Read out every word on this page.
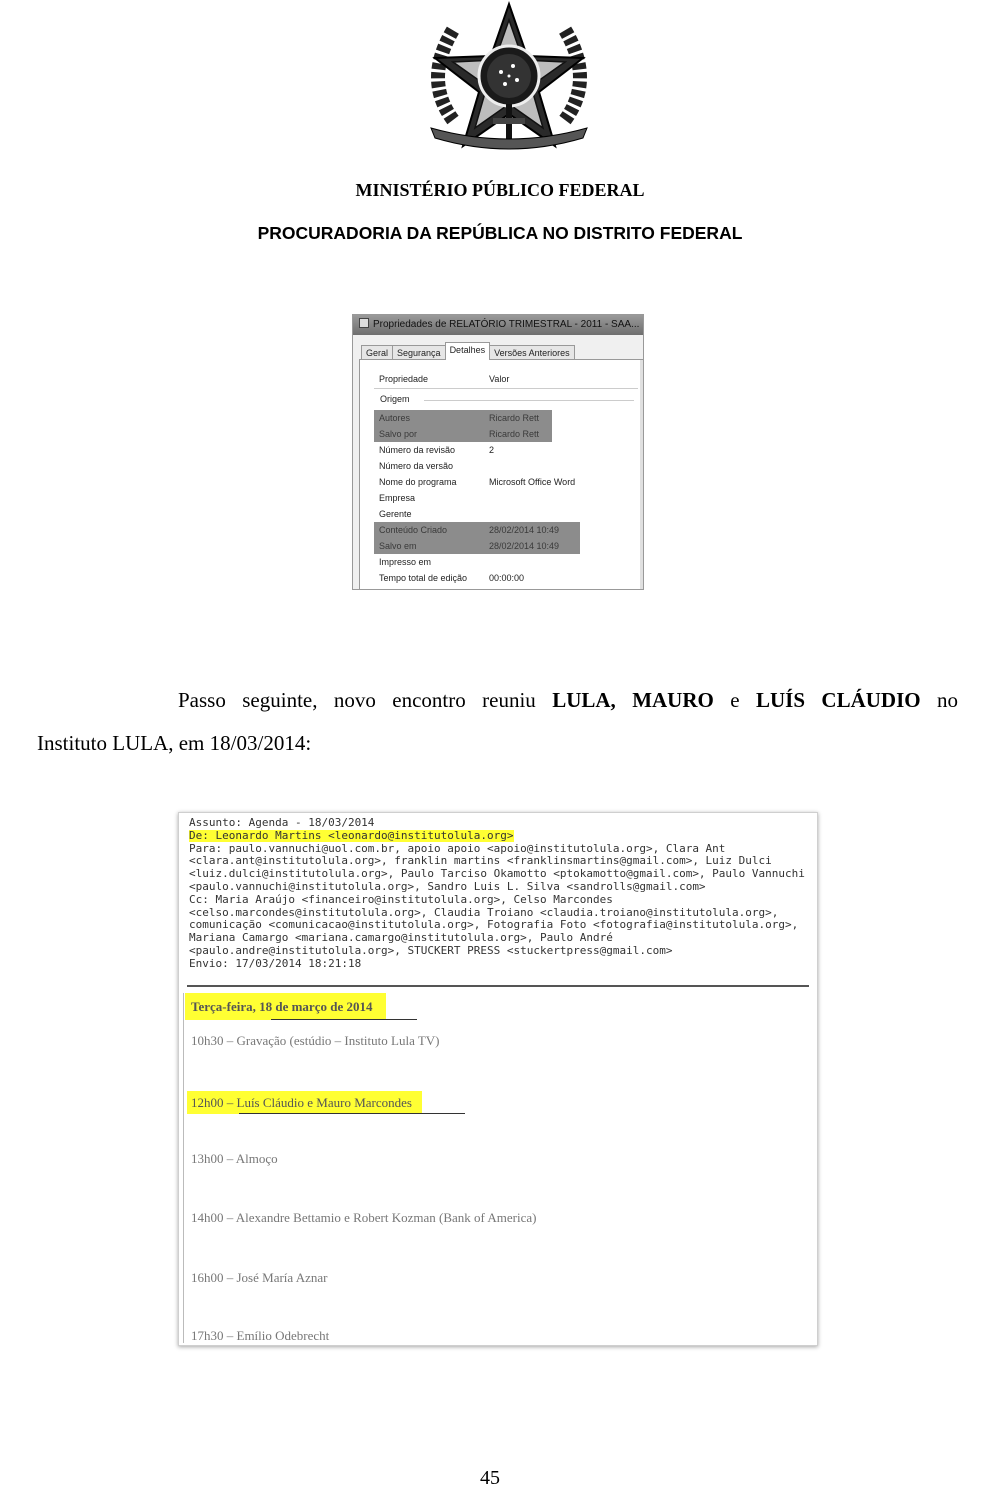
MINISTÉRIO PÚBLICO FEDERAL
PROCURADORIA DA REPÚBLICA NO DISTRITO FEDERAL
Propriedades de RELATÓRIO TRIMESTRAL - 2011 - SAA...
Geral	Segurança	Detalhes	Versões Anteriores
Propriedade	Valor
Origem
Autores	Ricardo Rett
Salvo por	Ricardo Rett
Número da revisão	2
Número da versão
Nome do programa	Microsoft Office Word
Empresa
Gerente
Conteúdo Criado	28/02/2014 10:49
Salvo em	28/02/2014 10:49
Impresso em
Tempo total de edição 00:00:00
Passo seguinte, novo encontro reuniu LULA, MAURO e LUÍS CLÁUDIO no
Instituto LULA, em 18/03/2014:
Assunto: Agenda - 18/03/2014
De: Leonardo Martins <leonardo@institutolula.org>
Para: paulo.vannuchi@uol.com.br, apoio apoio <apoio@institutolula.org>, Clara Ant
<clara.ant@institutolula.org>, franklin martins <franklinsmartins@gmail.com>, Luiz Dulci
<luiz.dulci@institutolula.org>, Paulo Tarciso Okamotto <ptokamotto@gmail.com>, Paulo Vannuchi
<paulo.vannuchi@institutolula.org>, Sandro Luis L. Silva <sandrolls@gmail.com>
Cc: Maria Araújo <financeiro@institutolula.org>, Celso Marcondes
<celso.marcondes@institutolula.org>, Claudia Troiano <claudia.troiano@institutolula.org>,
comunicação <comunicacao@institutolula.org>, Fotografia Foto <fotografia@institutolula.org>,
Mariana Camargo <mariana.camargo@institutolula.org>, Paulo André
<paulo.andre@institutolula.org>, STUCKERT PRESS <stuckertpress@gmail.com>
Envio: 17/03/2014 18:21:18
Terça-feira, 18 de março de 2014
10h30 – Gravação (estúdio – Instituto Lula TV)
12h00 – Luís Cláudio e Mauro Marcondes
13h00 – Almoço
14h00 – Alexandre Bettamio e Robert Kozman (Bank of America)
16h00 – José María Aznar
17h30 – Emílio Odebrecht
45
